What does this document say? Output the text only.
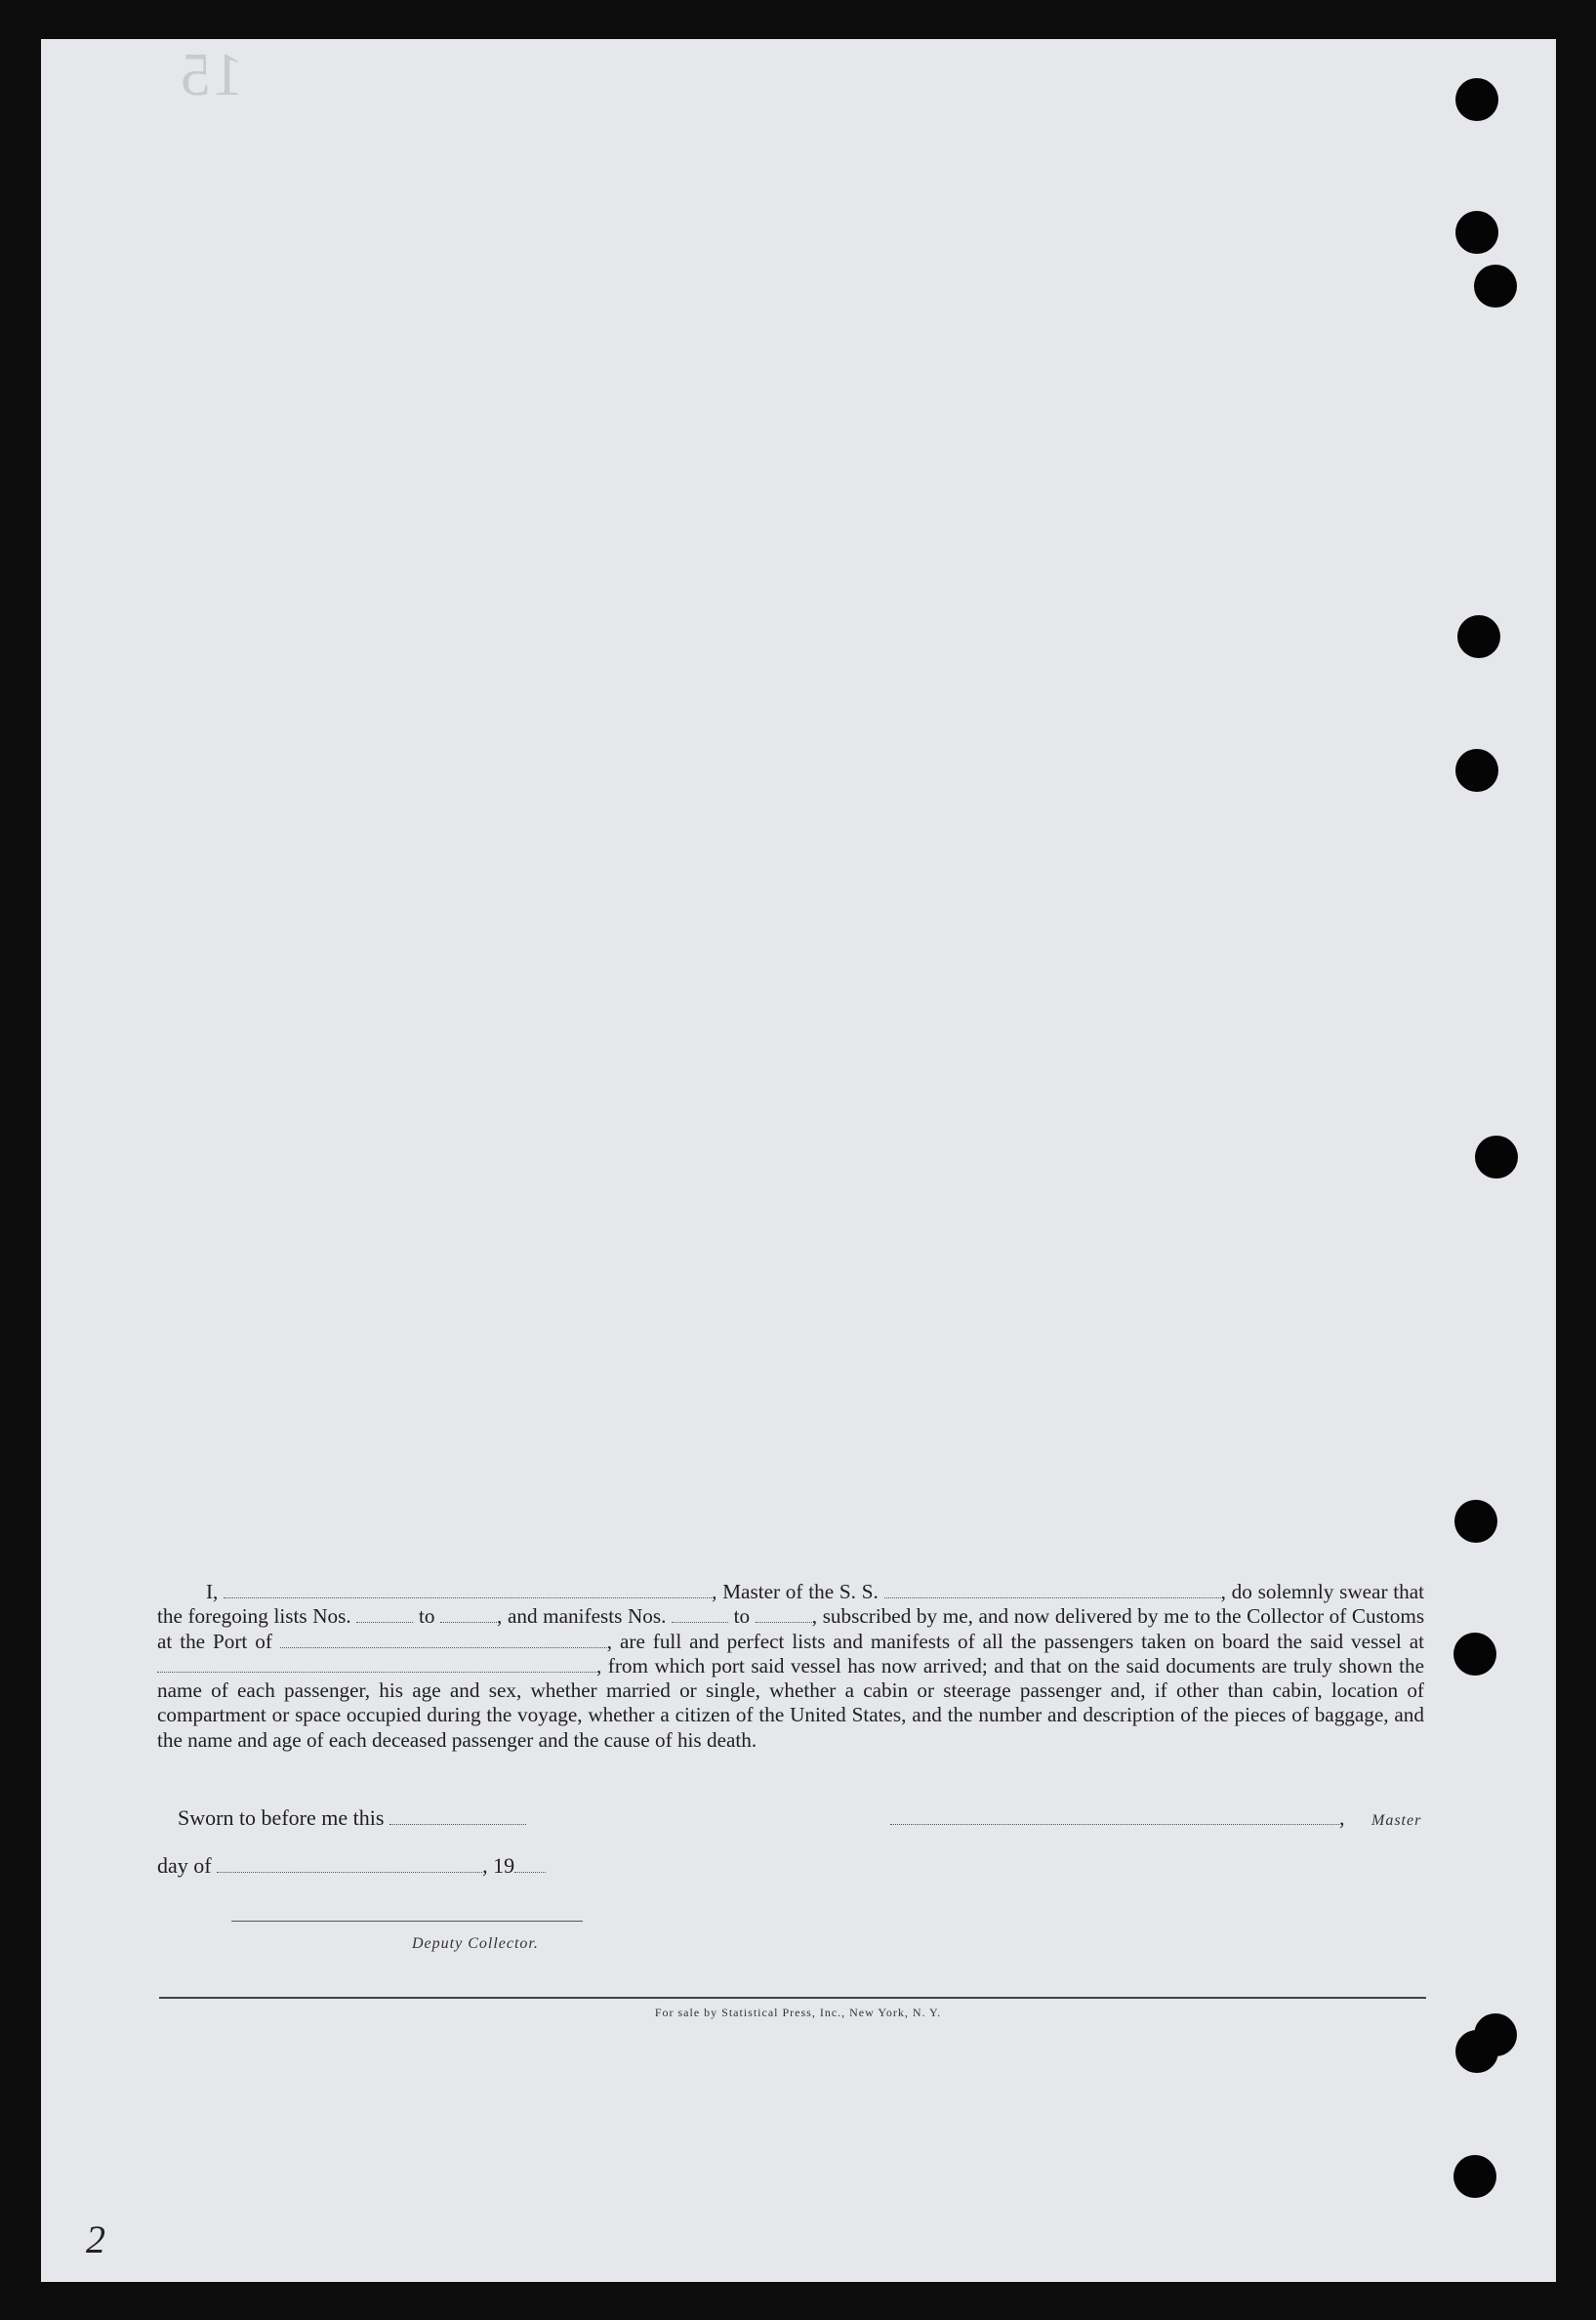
15
I,	, Master of the S. S.	, do solemnly swear that the foregoing lists Nos.	to	, and manifests Nos.	to	, subscribed by me, and now delivered by me to the Collector of Customs at the Port of	, are full and perfect lists and manifests of all the passengers taken on board the said vessel at , from which port said vessel has now arrived; and that on the said documents are truly shown the name of each passenger, his age and sex, whether married or single, whether a cabin or steerage passenger and, if other than cabin, location of compartment or space occupied during the voyage, whether a citizen of the United States, and the number and description of the pieces of baggage, and the name and age of each deceased passenger and the cause of his death.
Sworn to before me this	, Master
day of	, 19
Deputy Collector.
For sale by Statistical Press, Inc., New York, N. Y.
2
